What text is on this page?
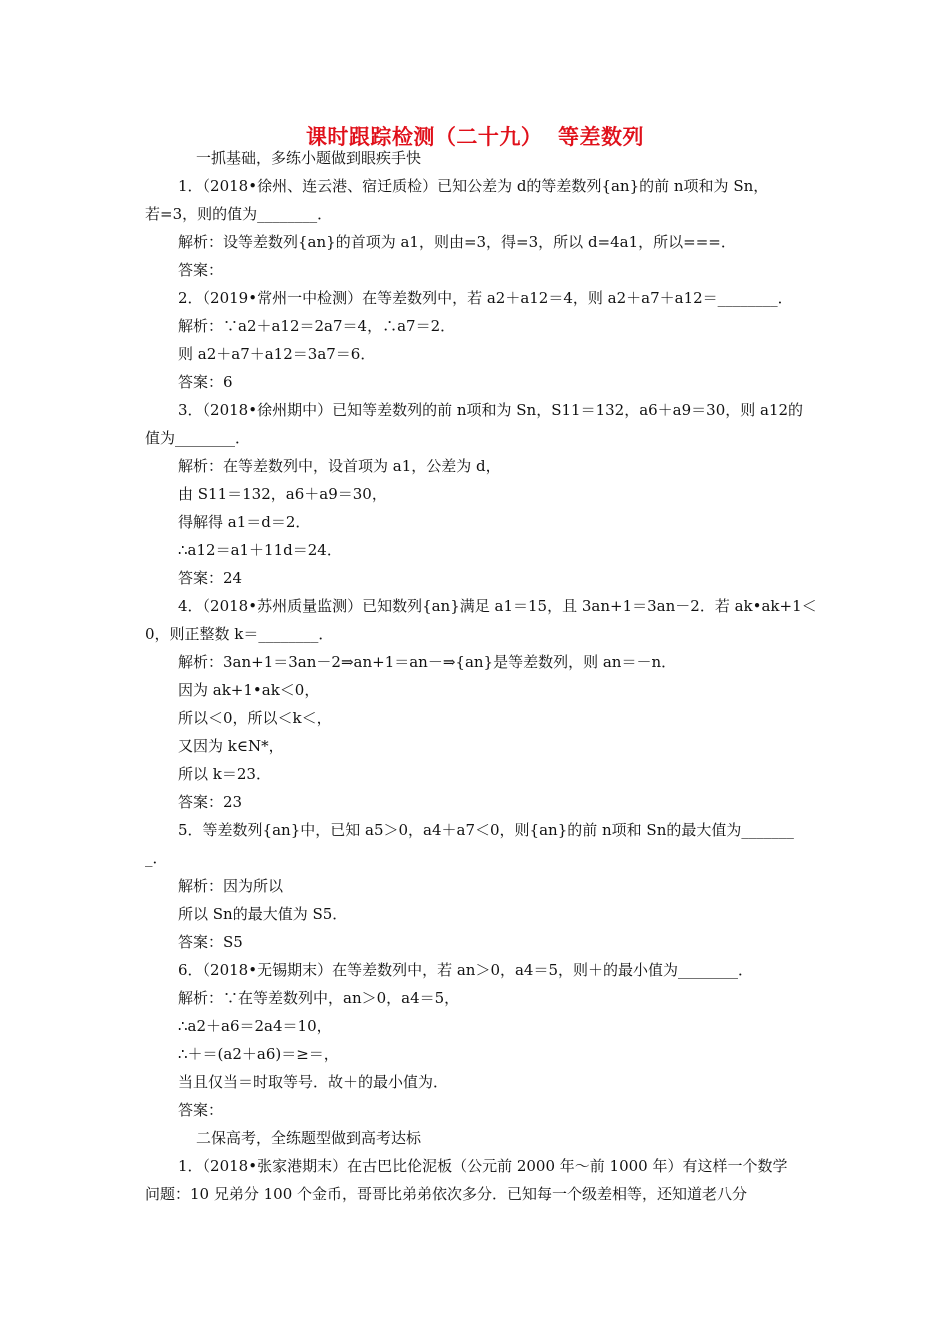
课时跟踪检测（二十九）  等差数列
一抓基础，多练小题做到眼疾手快
1．（2018•徐州、连云港、宿迁质检）已知公差为 d的等差数列{an}的前 n项和为 Sn，
若=3，则的值为________．
解析：设等差数列{an}的首项为 a1，则由=3，得=3，所以 d=4a1，所以===．
答案：
2．（2019•常州一中检测）在等差数列中，若 a2＋a12＝4，则 a2＋a7＋a12＝________．
解析：∵a2＋a12＝2a7＝4，∴a7＝2．
则 a2＋a7＋a12＝3a7＝6．
答案：6
3．（2018•徐州期中）已知等差数列的前 n项和为 Sn，S11＝132，a6＋a9＝30，则 a12的
值为________．
解析：在等差数列中，设首项为 a1，公差为 d，
由 S11＝132，a6＋a9＝30，
得解得 a1＝d＝2．
∴a12＝a1＋11d＝24．
答案：24
4．（2018•苏州质量监测）已知数列{an}满足 a1＝15，且 3an+1＝3an－2．若 ak•ak+1＜
0，则正整数 k＝________．
解析：3an+1＝3an－2⇒an+1＝an－⇒{an}是等差数列，则 an＝－n．
因为 ak+1•ak＜0，
所以＜0，所以＜k＜，
又因为 k∈N*，
所以 k＝23．
答案：23
5．等差数列{an}中，已知 a5＞0，a4＋a7＜0，则{an}的前 n项和 Sn的最大值为_______
_．
解析：因为所以
所以 Sn的最大值为 S5．
答案：S5
6．（2018•无锡期末）在等差数列中，若 an＞0，a4＝5，则＋的最小值为________．
解析：∵在等差数列中，an＞0，a4＝5，
∴a2＋a6＝2a4＝10，
∴＋＝(a2＋a6)＝≥＝，
当且仅当＝时取等号．故＋的最小值为．
答案：
二保高考，全练题型做到高考达标
1．（2018•张家港期末）在古巴比伦泥板（公元前 2000 年～前 1000 年）有这样一个数学
问题：10 兄弟分 100 个金币，哥哥比弟弟依次多分．已知每一个级差相等，还知道老八分
